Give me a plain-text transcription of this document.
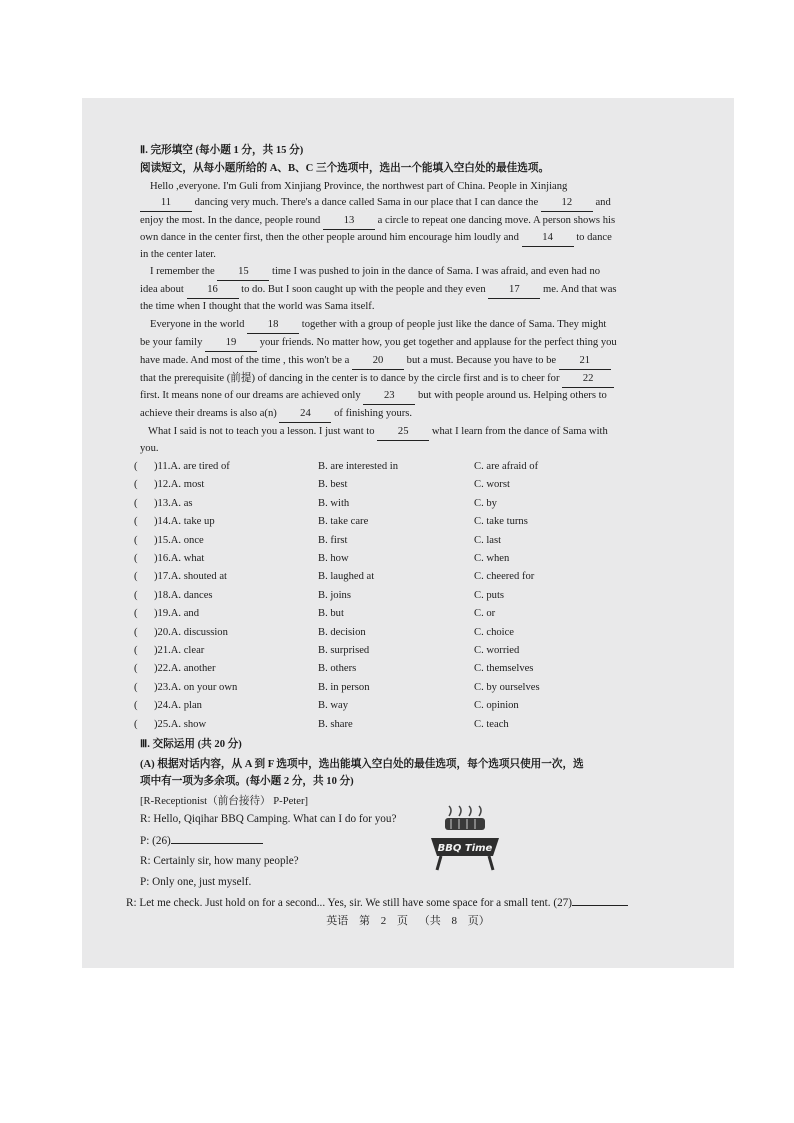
Ⅱ. 完形填空 (每小题 1 分，共 15 分)
阅读短文，从每小题所给的 A、B、C 三个选项中，选出一个能填入空白处的最佳选项。
Hello ,everyone. I'm Guli from Xinjiang Province, the northwest part of China. People in Xinjiang
11 dancing very much. There's a dance called Sama in our place that I can dance the 12 and
enjoy the most. In the dance, people round 13 a circle to repeat one dancing move. A person shows his
own dance in the center first, then the other people around him encourage him loudly and 14 to dance
in the center later.
I remember the 15 time I was pushed to join in the dance of Sama. I was afraid, and even had no
idea about 16 to do. But I soon caught up with the people and they even 17 me. And that was
the time when I thought that the world was Sama itself.
Everyone in the world 18 together with a group of people just like the dance of Sama. They might
be your family 19 your friends. No matter how, you get together and applause for the perfect thing you
have made. And most of the time , this won't be a 20 but a must. Because you have to be 21
that the prerequisite (前提) of dancing in the center is to dance by the circle first and is to cheer for 22
first. It means none of our dreams are achieved only 23 but with people around us. Helping others to
achieve their dreams is also a(n) 24 of finishing yours.
What I said is not to teach you a lesson. I just want to 25 what I learn from the dance of Sama with
you.
( )11.A. are tired of	B. are interested in	C. are afraid of
( )12.A. most	B. best	C. worst
( )13.A. as	B. with	C. by
( )14.A. take up	B. take care	C. take turns
( )15.A. once	B. first	C. last
( )16.A. what	B. how	C. when
( )17.A. shouted at	B. laughed at	C. cheered for
( )18.A. dances	B. joins	C. puts
( )19.A. and	B. but	C. or
( )20.A. discussion	B. decision	C. choice
( )21.A. clear	B. surprised	C. worried
( )22.A. another	B. others	C. themselves
( )23.A. on your own	B. in person	C. by ourselves
( )24.A. plan	B. way	C. opinion
( )25.A. show	B. share	C. teach
Ⅲ. 交际运用 (共 20 分)
(A) 根据对话内容，从 A 到 F 选项中，选出能填入空白处的最佳选项，每个选项只使用一次，选
项中有一项为多余项。(每小题 2 分，共 10 分)
[R-Receptionist（前台接待） P-Peter]
R: Hello, Qiqihar BBQ Camping. What can I do for you?
P: (26)
R: Certainly sir, how many people?
P: Only one, just myself.
R: Let me check. Just hold on for a second... Yes, sir. We still have some space for a small tent. (27)
BBQ Time
英语 第 2 页 （共 8 页）
